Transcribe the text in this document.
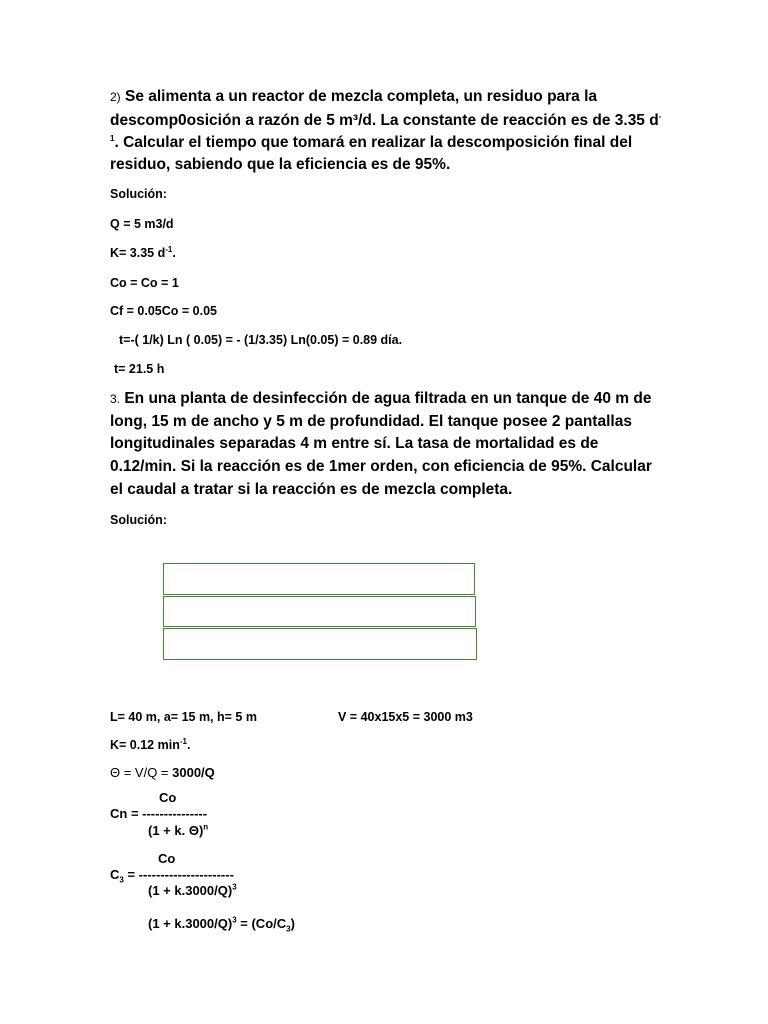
2) Se alimenta a un reactor de mezcla completa, un residuo para la
descomp0osición a razón de 5 m³/d. La constante de reacción es de 3.35 d-
$^1$. Calcular el tiempo que tomará en realizar la descomposición final del
residuo, sabiendo que la eficiencia es de 95%.
Solución:
Q = 5 m3/d
K= 3.35 $d^{-1}$.
Co = Co = 1
Cf = 0.05Co = 0.05
t=-( 1/k) Ln ( 0.05) = - (1/3.35) Ln(0.05) = 0.89 día.
t= 21.5 h
3. En una planta de desinfección de agua filtrada en un tanque de 40 m de
long, 15 m de ancho y 5 m de profundidad. El tanque posee 2 pantallas
longitudinales separadas 4 m entre sí. La tasa de mortalidad es de
0.12/min. Si la reacción es de 1mer orden, con eficiencia de 95%. Calcular
el caudal a tratar si la reacción es de mezcla completa.
Solución:
L= 40 m, a= 15 m, h= 5 m	V = 40x15x5 = 3000 m3
K= 0.12 $\min^{-1}$.
Θ = V/Q = 3000/Q
Co
Cn = ---------------
(1 + k. Θ)$^n$
Co
$C_3$ = ----------------------
$(1 + k.3000/Q)^3$
$(1 + k.3000/Q)^3 = (Co/C_3)$
